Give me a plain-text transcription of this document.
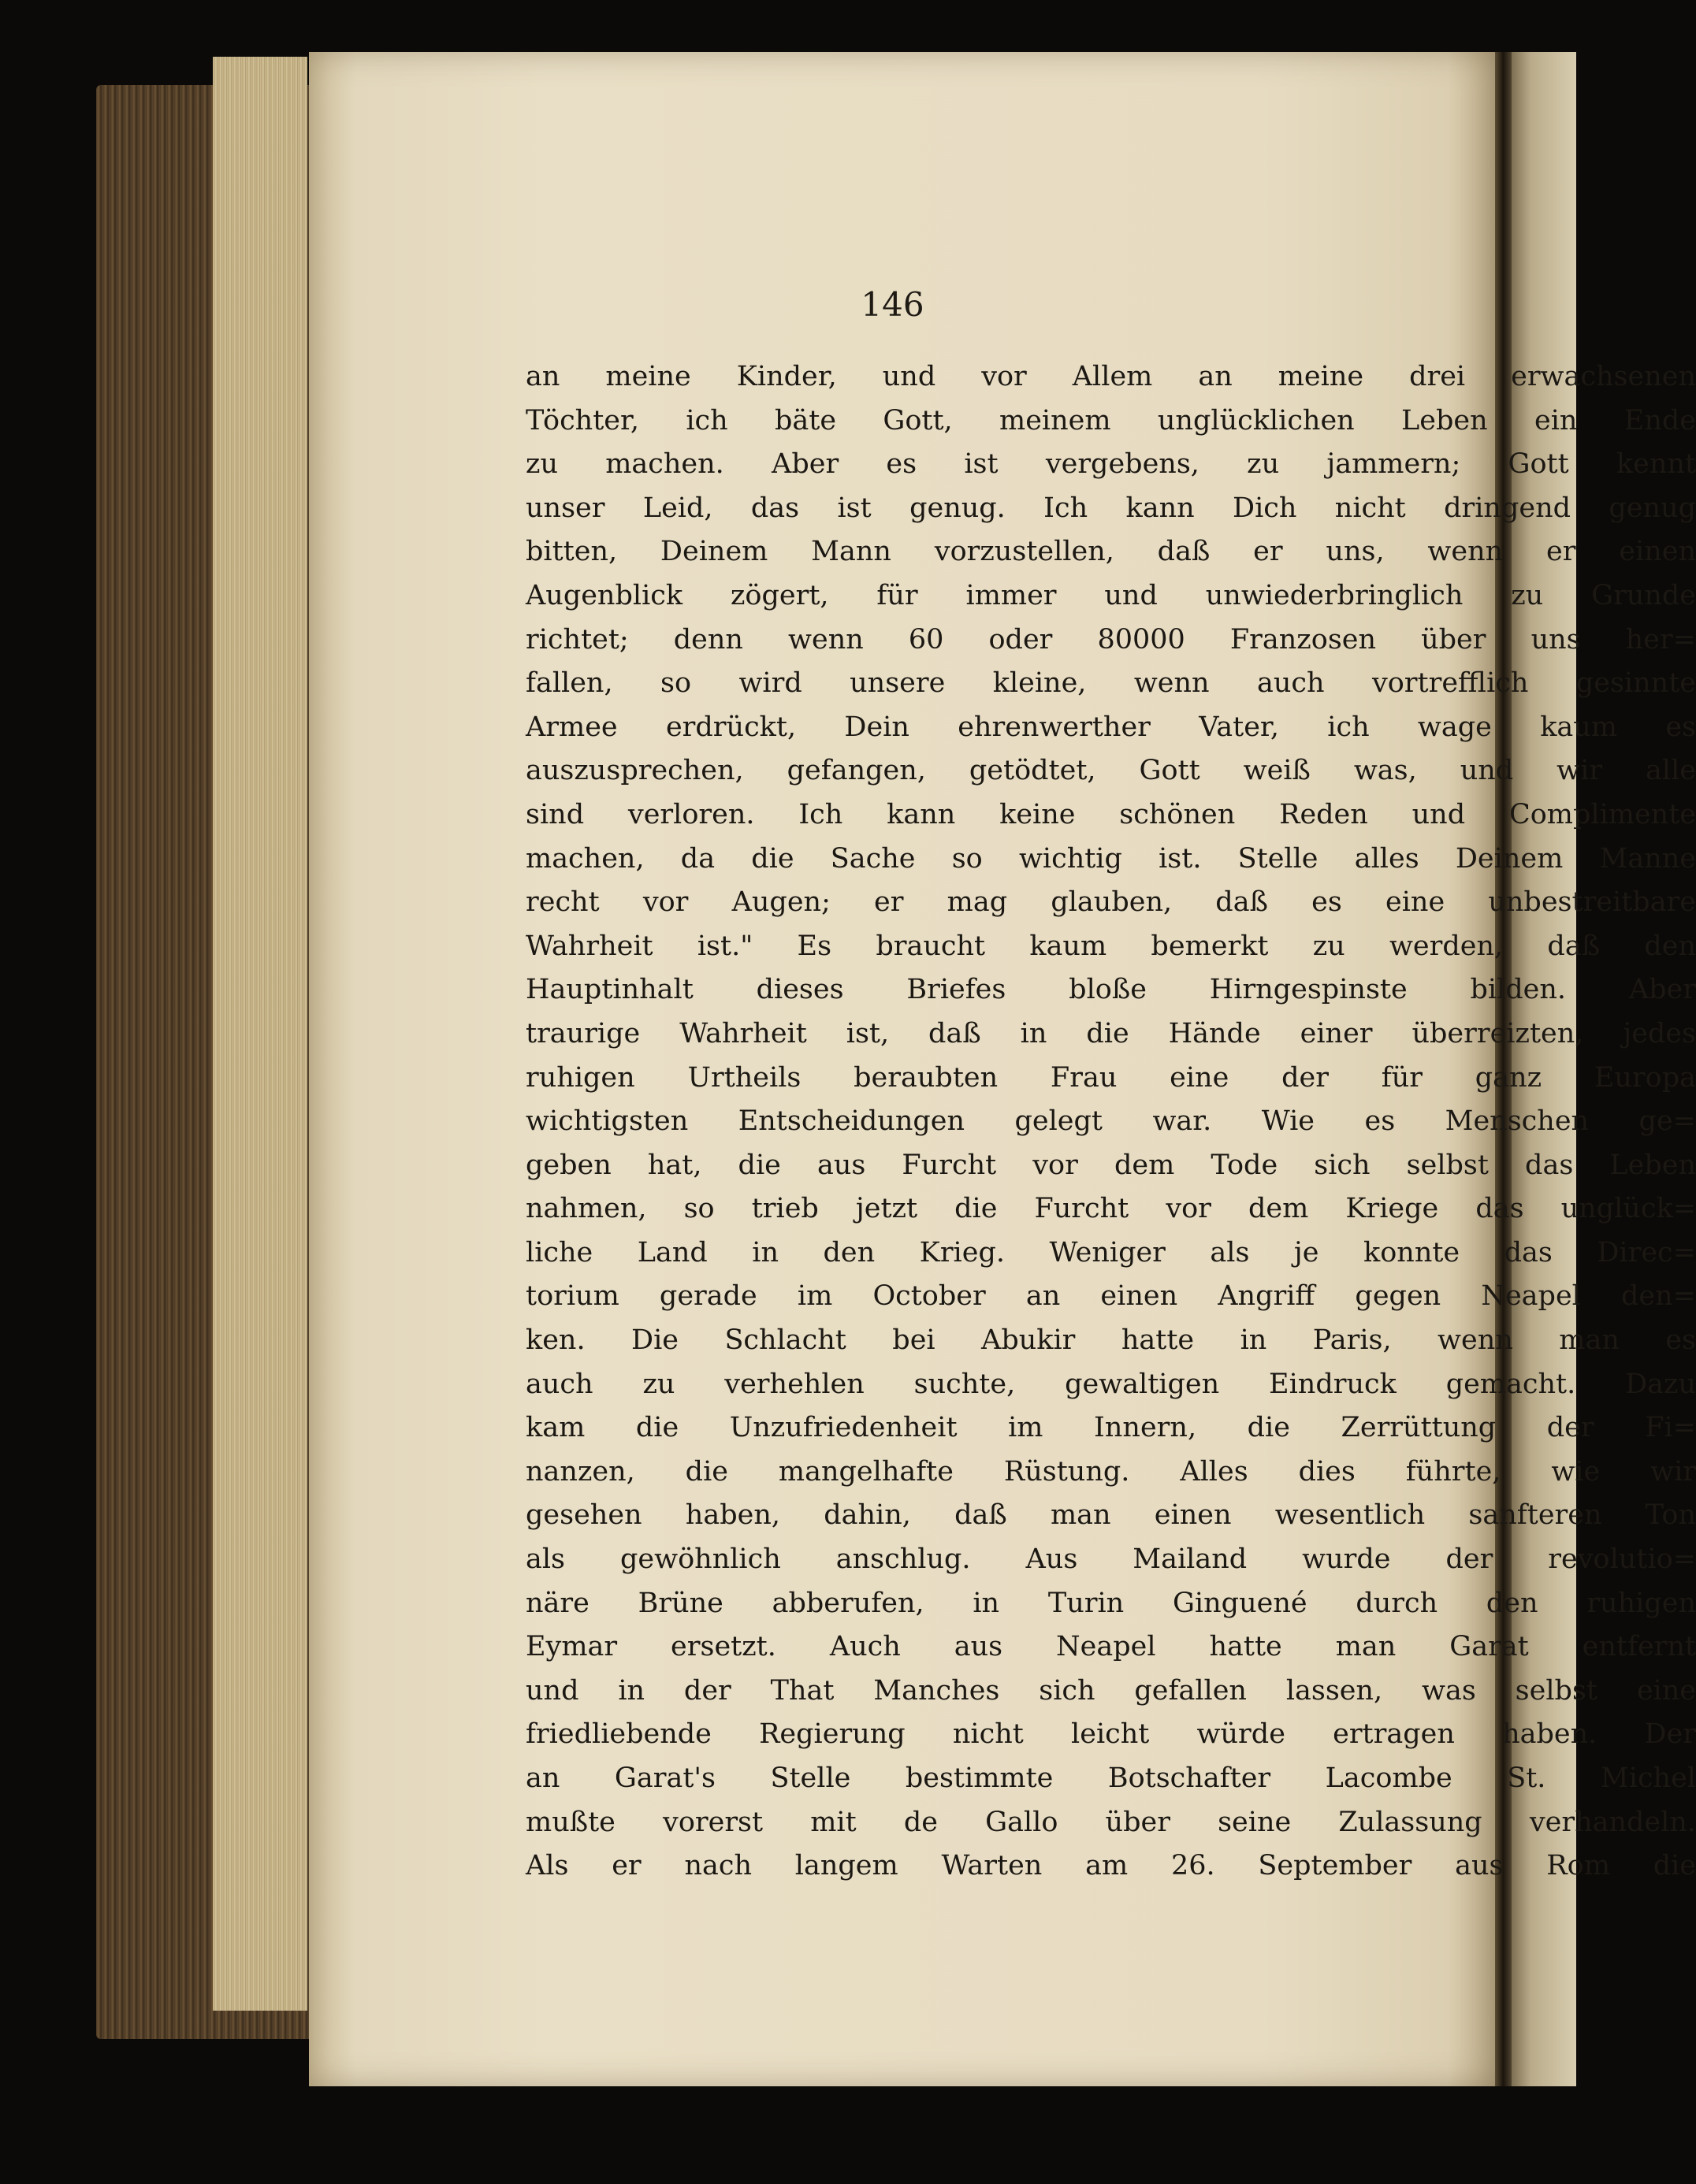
146
an meine Kinder, und vor Allem an meine drei erwachsenen
Töchter, ich bäte Gott, meinem unglücklichen Leben ein Ende
zu machen. Aber es ist vergebens, zu jammern; Gott kennt
unser Leid, das ist genug. Ich kann Dich nicht dringend genug
bitten, Deinem Mann vorzustellen, daß er uns, wenn er einen
Augenblick zögert, für immer und unwiederbringlich zu Grunde
richtet; denn wenn 60 oder 80000 Franzosen über uns her=
fallen, so wird unsere kleine, wenn auch vortrefflich gesinnte
Armee erdrückt, Dein ehrenwerther Vater, ich wage kaum es
auszusprechen, gefangen, getödtet, Gott weiß was, und wir alle
sind verloren. Ich kann keine schönen Reden und Complimente
machen, da die Sache so wichtig ist. Stelle alles Deinem Manne
recht vor Augen; er mag glauben, daß es eine unbestreitbare
Wahrheit ist." Es braucht kaum bemerkt zu werden, daß den
Hauptinhalt dieses Briefes bloße Hirngespinste bilden. Aber
traurige Wahrheit ist, daß in die Hände einer überreizten, jedes
ruhigen Urtheils beraubten Frau eine der für ganz Europa
wichtigsten Entscheidungen gelegt war. Wie es Menschen ge=
geben hat, die aus Furcht vor dem Tode sich selbst das Leben
nahmen, so trieb jetzt die Furcht vor dem Kriege das unglück=
liche Land in den Krieg. Weniger als je konnte das Direc=
torium gerade im October an einen Angriff gegen Neapel den=
ken. Die Schlacht bei Abukir hatte in Paris, wenn man es
auch zu verhehlen suchte, gewaltigen Eindruck gemacht. Dazu
kam die Unzufriedenheit im Innern, die Zerrüttung der Fi=
nanzen, die mangelhafte Rüstung. Alles dies führte, wie wir
gesehen haben, dahin, daß man einen wesentlich sanfteren Ton
als gewöhnlich anschlug. Aus Mailand wurde der revolutio=
näre Brüne abberufen, in Turin Ginguené durch den ruhigen
Eymar ersetzt. Auch aus Neapel hatte man Garat entfernt
und in der That Manches sich gefallen lassen, was selbst eine
friedliebende Regierung nicht leicht würde ertragen haben. Der
an Garat's Stelle bestimmte Botschafter Lacombe St. Michel
mußte vorerst mit de Gallo über seine Zulassung verhandeln.
Als er nach langem Warten am 26. September aus Rom die
